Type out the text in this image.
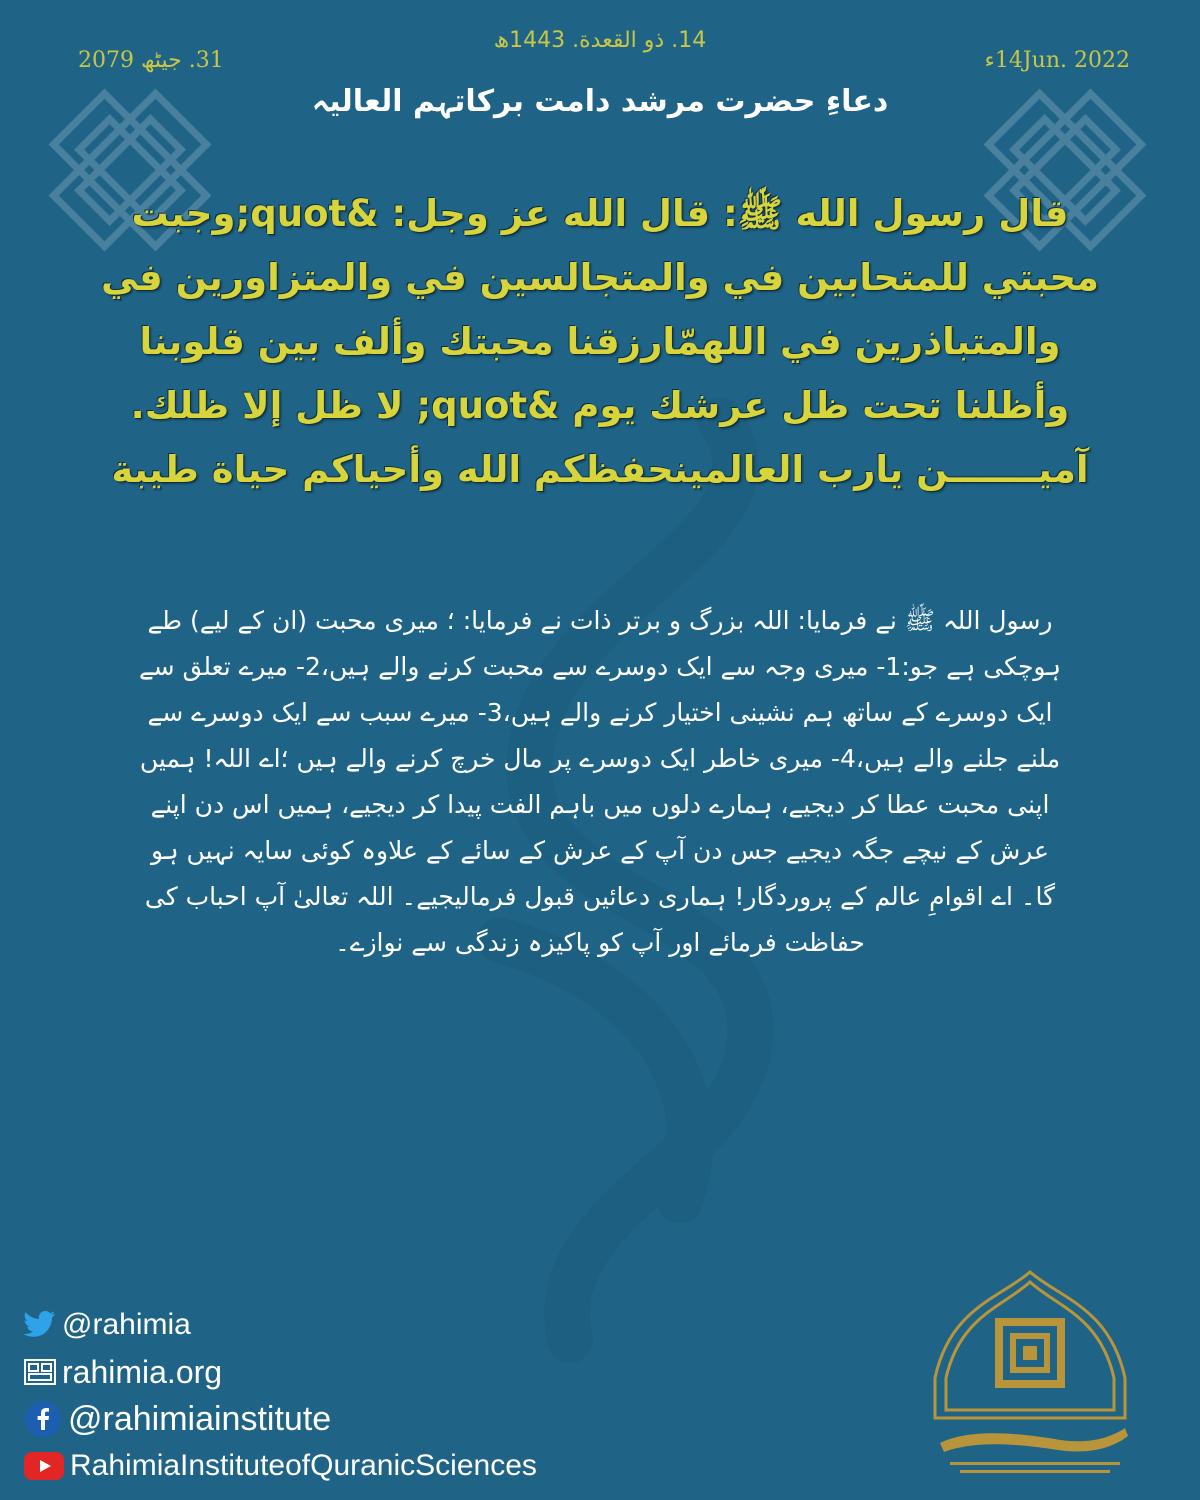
14. ذو القعدة. 1443ھ
31. جیٹھ 2079	14Jun. 2022ء
دعاءِ حضرت مرشد دامت برکاتہم العالیہ
قال رسول الله ﷺ: قال الله عز وجل: &quot;وجبت محبتي للمتحابين في والمتجالسين في والمتزاورين في والمتباذرين في اللهمّارزقنا محبتك وألف بين قلوبنا وأظلنا تحت ظل عرشك يوم &quot; لا ظل إلا ظلك. آمیـــــــن يارب العالمينحفظكم الله وأحياكم حياة طيبة
رسول اللہ ﷺ نے فرمایا: اللہ بزرگ و برتر ذات نے فرمایا: ؛ میری محبت (ان کے لیے) طے ہوچکی ہے جو:1- میری وجہ سے ایک دوسرے سے محبت کرنے والے ہیں،2- میرے تعلق سے ایک دوسرے کے ساتھ ہم نشینی اختیار کرنے والے ہیں،3- میرے سبب سے ایک دوسرے سے ملنے جلنے والے ہیں،4- میری خاطر ایک دوسرے پر مال خرچ کرنے والے ہیں ؛اے اللہ! ہمیں اپنی محبت عطا کر دیجیے، ہمارے دلوں میں باہم الفت پیدا کر دیجیے، ہمیں اس دن اپنے عرش کے نیچے جگہ دیجیے جس دن آپ کے عرش کے سائے کے علاوہ کوئی سایہ نہیں ہو گا۔ اے اقوامِ عالم کے پروردگار! ہماری دعائیں قبول فرمالیجیے۔ اللہ تعالیٰ آپ احباب کی حفاظت فرمائے اور آپ کو پاکیزہ زندگی سے نوازے۔
@rahimia
rahimia.org
@rahimiainstitute
RahimiaInstituteofQuranicSciences
